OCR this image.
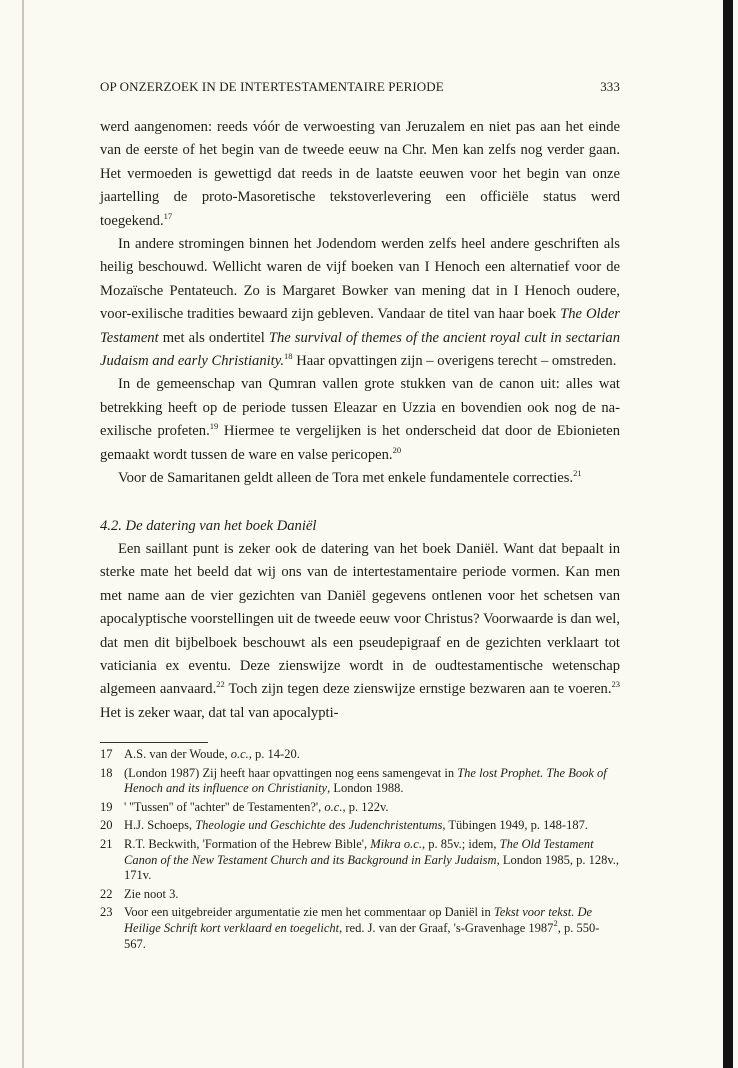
OP ONZERZOEK IN DE INTERTESTAMENTAIRE PERIODE	333

werd aangenomen: reeds vóór de verwoesting van Jeruzalem en niet pas aan het einde van de eerste of het begin van de tweede eeuw na Chr. Men kan zelfs nog verder gaan. Het vermoeden is gewettigd dat reeds in de laatste eeuwen voor het begin van onze jaartelling de proto-Masoretische tekstoverlevering een officiële status werd toegekend.$^{17}$

In andere stromingen binnen het Jodendom werden zelfs heel andere geschriften als heilig beschouwd. Wellicht waren de vijf boeken van I Henoch een alternatief voor de Mozaïsche Pentateuch. Zo is Margaret Bowker van mening dat in I Henoch oudere, voor-exilische tradities bewaard zijn gebleven. Vandaar de titel van haar boek The Older Testament met als ondertitel The survival of themes of the ancient royal cult in sectarian Judaism and early Christianity.$^{18}$ Haar opvattingen zijn – overigens terecht – omstreden.

In de gemeenschap van Qumran vallen grote stukken van de canon uit: alles wat betrekking heeft op de periode tussen Eleazar en Uzzia en bovendien ook nog de na-exilische profeten.$^{19}$ Hiermee te vergelijken is het onderscheid dat door de Ebionieten gemaakt wordt tussen de ware en valse pericopen.$^{20}$

Voor de Samaritanen geldt alleen de Tora met enkele fundamentele correcties.$^{21}$

4.2. De datering van het boek Daniël

Een saillant punt is zeker ook de datering van het boek Daniël. Want dat bepaalt in sterke mate het beeld dat wij ons van de intertestamentaire periode vormen. Kan men met name aan de vier gezichten van Daniël gegevens ontlenen voor het schetsen van apocalyptische voorstellingen uit de tweede eeuw voor Christus? Voorwaarde is dan wel, dat men dit bijbelboek beschouwt als een pseudepigraaf en de gezichten verklaart tot vaticiania ex eventu. Deze zienswijze wordt in de oudtestamentische wetenschap algemeen aanvaard.$^{22}$ Toch zijn tegen deze zienswijze ernstige bezwaren aan te voeren.$^{23}$ Het is zeker waar, dat tal van apocalypti-

17 A.S. van der Woude, o.c., p. 14-20.
18 (London 1987) Zij heeft haar opvattingen nog eens samengevat in The lost Prophet. The Book of Henoch and its influence on Christianity, London 1988.
19 ' ''Tussen'' of ''achter'' de Testamenten?', o.c., p. 122v.
20 H.J. Schoeps, Theologie und Geschichte des Judenchristentums, Tübingen 1949, p. 148-187.
21 R.T. Beckwith, 'Formation of the Hebrew Bible', Mikra o.c., p. 85v.; idem, The Old Testament Canon of the New Testament Church and its Background in Early Judaism, London 1985, p. 128v., 171v.
22 Zie noot 3.
23 Voor een uitgebreider argumentatie zie men het commentaar op Daniël in Tekst voor tekst. De Heilige Schrift kort verklaard en toegelicht, red. J. van der Graaf, 's-Gravenhage 1987$^2$, p. 550-567.
